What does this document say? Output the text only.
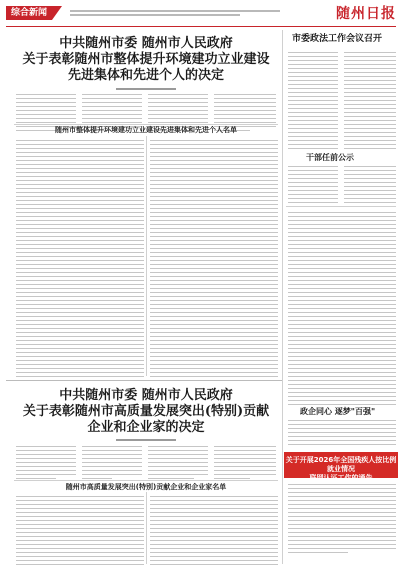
综合新闻	随州日报
中共随州市委 随州市人民政府
关于表彰随州市整体提升环境建功立业建设
先进集体和先进个人的决定
随州市整体提升环境建功立业建设先进集体和先进个人名单
中共随州市委 随州市人民政府
关于表彰随州市高质量发展突出(特别)贡献
企业和企业家的决定
随州市高质量发展突出(特别)贡献企业和企业家名单
市委政法工作会议召开
干部任前公示
政企同心 逐梦"百强"
关于开展2026年全国残疾人按比例就业情况
联网认证工作的通告
